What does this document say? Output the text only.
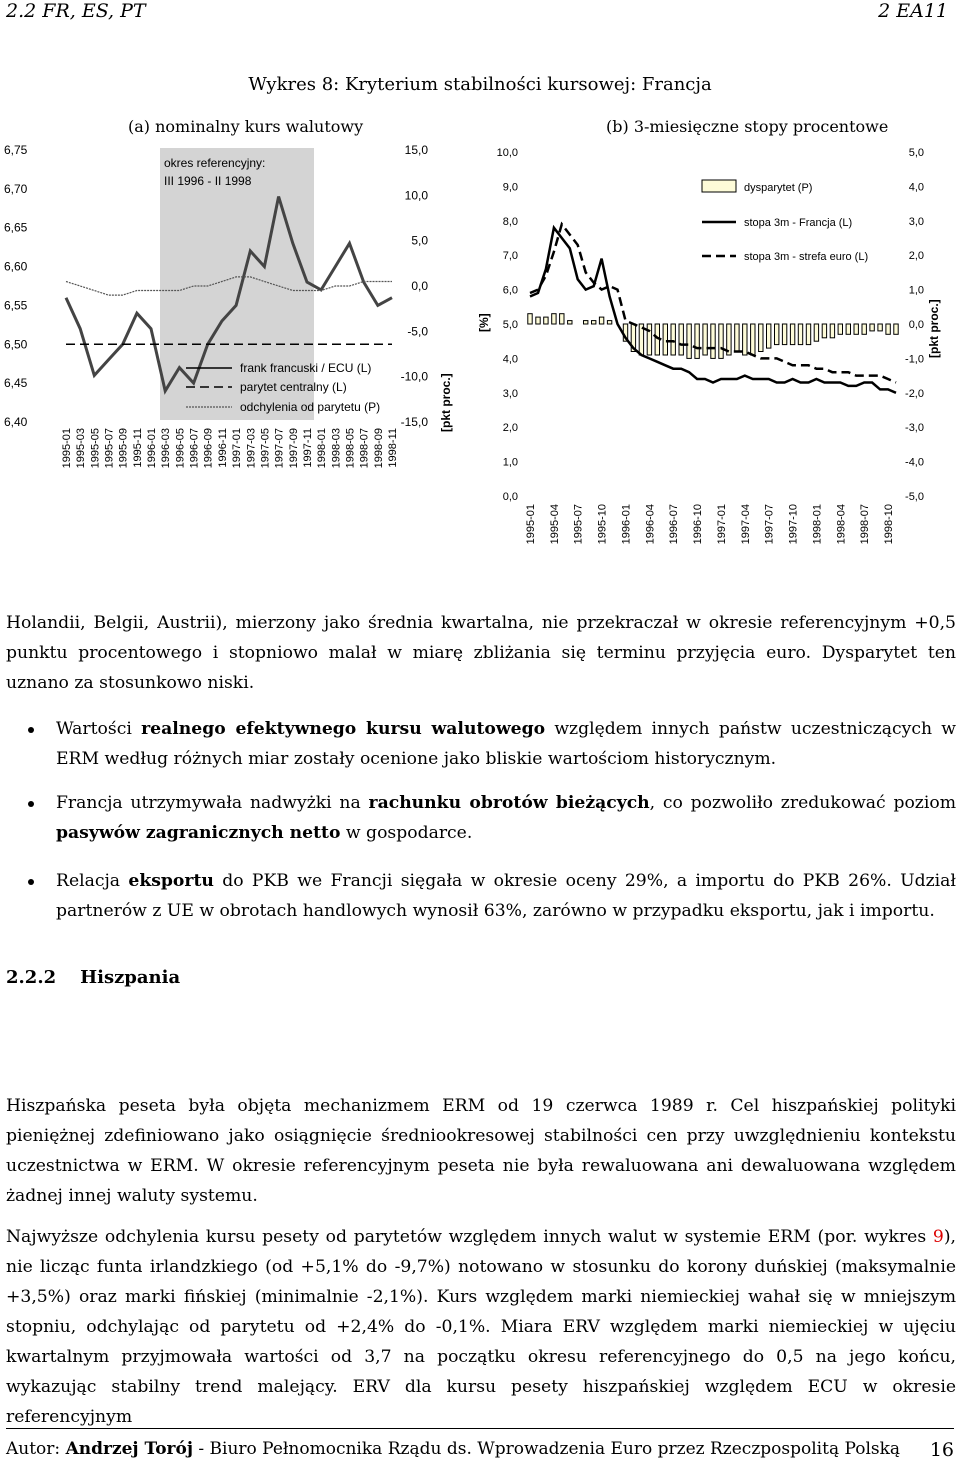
2.2 FR, ES, PT	2 EA11
Wykres 8: Kryterium stabilności kursowej: Francja
(a) nominalny kurs walutowy	(b) 3-miesięczne stopy procentowe
okres referencyjny:
III 1996 - II 1998
6,75
6,70
6,65
6,60
6,55
6,50
6,45
6,40
15,0
10,0
5,0
0,0
-5,0
-10,0
-15,0
1995-01 1995-03 1995-05 1995-07 1995-09 1995-11 1996-01 1996-03 1996-05 1996-07 1996-09 1996-11 1997-01 1997-03 1997-05 1997-07 1997-09 1997-11 1998-01 1998-03 1998-05 1998-07 1998-09 1998-11
[pkt proc.]
frank francuski / ECU (L)
parytet centralny (L)
odchylenia od parytetu (P)
10,0
9,0
8,0
7,0
6,0
5,0
4,0
3,0
2,0
1,0
0,0
5,0
4,0
3,0
2,0
1,0
0,0
-1,0
-2,0
-3,0
-4,0
-5,0
1995-01 1995-04 1995-07 1995-10 1996-01 1996-04 1996-07 1996-10 1997-01 1997-04 1997-07 1997-10 1998-01 1998-04 1998-07 1998-10
[%]	[pkt proc.]
dysparytet (P)
stopa 3m - Francja (L)
stopa 3m - strefa euro (L)
Holandii, Belgii, Austrii), mierzony jako średnia kwartalna, nie przekraczał w okresie referencyjnym +0,5 punktu procentowego i stopniowo malał w miarę zbliżania się terminu przyjęcia euro. Dysparytet ten uznano za stosunkowo niski.
Wartości realnego efektywnego kursu walutowego względem innych państw uczestniczących w ERM według różnych miar zostały ocenione jako bliskie wartościom historycznym.
Francja utrzymywała nadwyżki na rachunku obrotów bieżących, co pozwoliło zredukować poziom pasywów zagranicznych netto w gospodarce.
Relacja eksportu do PKB we Francji sięgała w okresie oceny 29%, a importu do PKB 26%. Udział partnerów z UE w obrotach handlowych wynosił 63%, zarówno w przypadku eksportu, jak i importu.
2.2.2 Hiszpania
Hiszpańska peseta była objęta mechanizmem ERM od 19 czerwca 1989 r. Cel hiszpańskiej polityki pieniężnej zdefiniowano jako osiągnięcie średniookresowej stabilności cen przy uwzględnieniu kontekstu uczestnictwa w ERM. W okresie referencyjnym peseta nie była rewaluowana ani dewaluowana względem żadnej innej waluty systemu.
Najwyższe odchylenia kursu pesety od parytetów względem innych walut w systemie ERM (por. wykres 9), nie licząc funta irlandzkiego (od +5,1% do -9,7%) notowano w stosunku do korony duńskiej (maksymalnie +3,5%) oraz marki fińskiej (minimalnie -2,1%). Kurs względem marki niemieckiej wahał się w mniejszym stopniu, odchylając od parytetu od +2,4% do -0,1%. Miara ERV względem marki niemieckiej w ujęciu kwartalnym przyjmowała wartości od 3,7 na początku okresu referencyjnego do 0,5 na jego końcu, wykazując stabilny trend malejący. ERV dla kursu pesety hiszpańskiej względem ECU w okresie referencyjnym
Autor: Andrzej Torój - Biuro Pełnomocnika Rządu ds. Wprowadzenia Euro przez Rzeczpospolitą Polską 16
